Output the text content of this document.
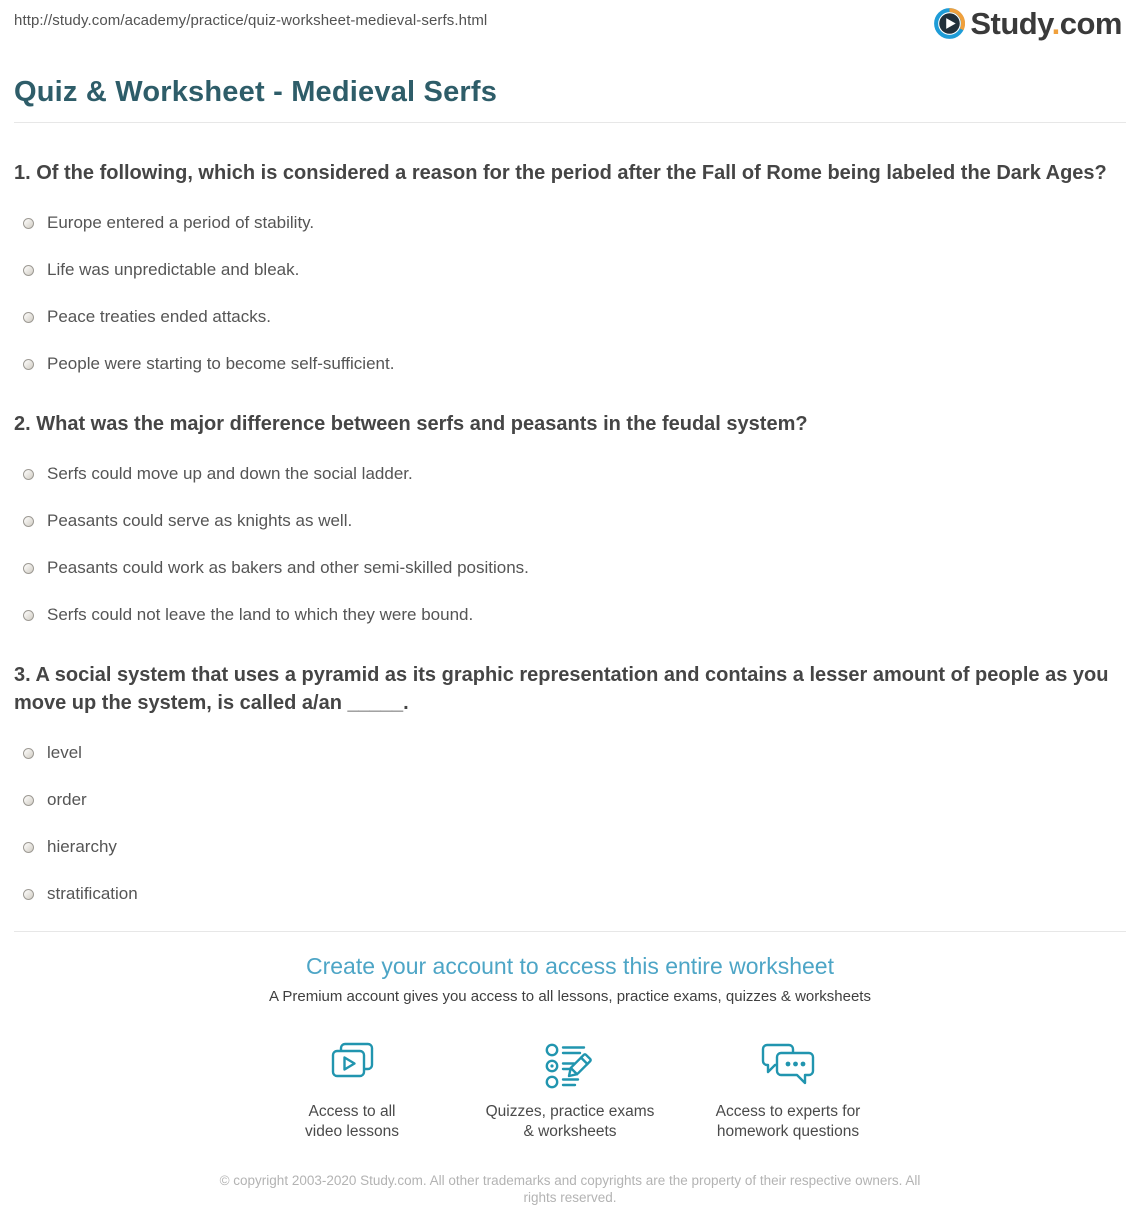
http://study.com/academy/practice/quiz-worksheet-medieval-serfs.html	Study.com
Quiz & Worksheet - Medieval Serfs
1. Of the following, which is considered a reason for the period after the Fall of Rome being labeled the Dark Ages?
Europe entered a period of stability.
Life was unpredictable and bleak.
Peace treaties ended attacks.
People were starting to become self-sufficient.
2. What was the major difference between serfs and peasants in the feudal system?
Serfs could move up and down the social ladder.
Peasants could serve as knights as well.
Peasants could work as bakers and other semi-skilled positions.
Serfs could not leave the land to which they were bound.
3. A social system that uses a pyramid as its graphic representation and contains a lesser amount of people as you move up the system, is called a/an _____.
level
order
hierarchy
stratification
Create your account to access this entire worksheet
A Premium account gives you access to all lessons, practice exams, quizzes & worksheets
Access to all
video lessons
Quizzes, practice exams
& worksheets
Access to experts for
homework questions
© copyright 2003-2020 Study.com. All other trademarks and copyrights are the property of their respective owners. All rights reserved.
